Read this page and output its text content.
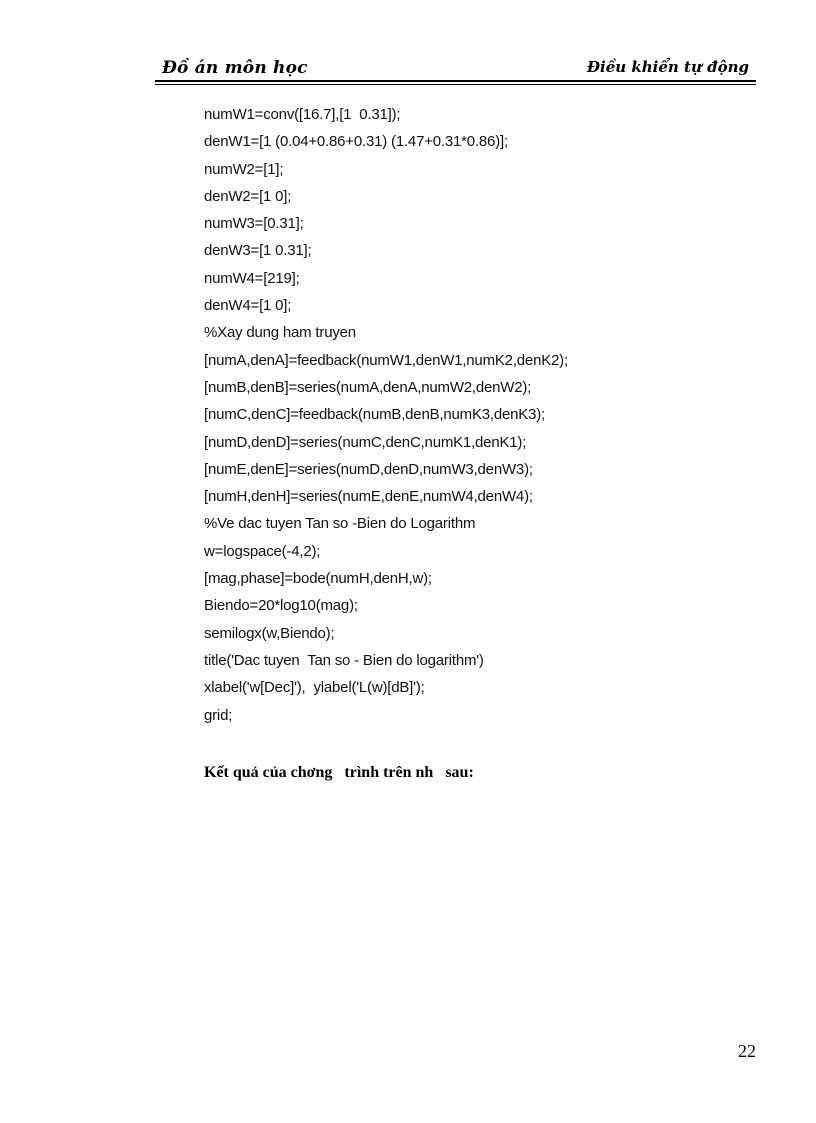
Đồ án môn học	Điều khiển tự động
numW1=conv([16.7],[1  0.31]);
denW1=[1 (0.04+0.86+0.31) (1.47+0.31*0.86)];
numW2=[1];
denW2=[1 0];
numW3=[0.31];
denW3=[1 0.31];
numW4=[219];
denW4=[1 0];
%Xay dung ham truyen
[numA,denA]=feedback(numW1,denW1,numK2,denK2);
[numB,denB]=series(numA,denA,numW2,denW2);
[numC,denC]=feedback(numB,denB,numK3,denK3);
[numD,denD]=series(numC,denC,numK1,denK1);
[numE,denE]=series(numD,denD,numW3,denW3);
[numH,denH]=series(numE,denE,numW4,denW4);
%Ve dac tuyen Tan so -Bien do Logarithm
w=logspace(-4,2);
[mag,phase]=bode(numH,denH,w);
Biendo=20*log10(mag);
semilogx(w,Biendo);
title('Dac tuyen  Tan so - Bien do logarithm')
xlabel('w[Dec]'),  ylabel('L(w)[dB]');
grid;
Kết quả của chơng   trình trên nh   sau:
22
